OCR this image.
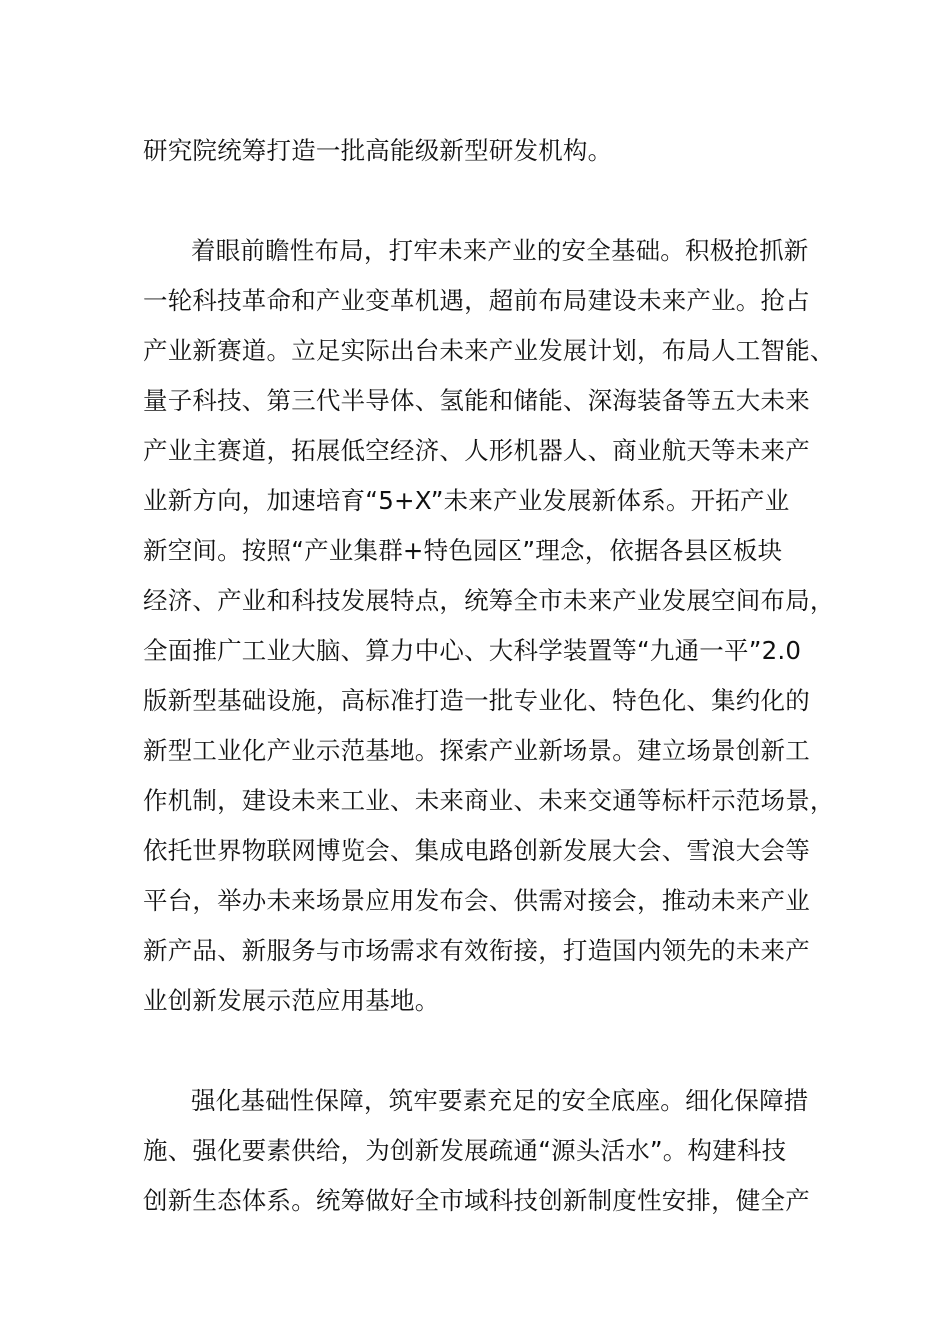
研究院统筹打造一批高能级新型研发机构。
着眼前瞻性布局，打牢未来产业的安全基础。积极抢抓新
一轮科技革命和产业变革机遇，超前布局建设未来产业。抢占
产业新赛道。立足实际出台未来产业发展计划，布局人工智能、
量子科技、第三代半导体、氢能和储能、深海装备等五大未来
产业主赛道，拓展低空经济、人形机器人、商业航天等未来产
业新方向，加速培育“5+X”未来产业发展新体系。开拓产业
新空间。按照“产业集群+特色园区”理念，依据各县区板块
经济、产业和科技发展特点，统筹全市未来产业发展空间布局，
全面推广工业大脑、算力中心、大科学装置等“九通一平”2.0
版新型基础设施，高标准打造一批专业化、特色化、集约化的
新型工业化产业示范基地。探索产业新场景。建立场景创新工
作机制，建设未来工业、未来商业、未来交通等标杆示范场景，
依托世界物联网博览会、集成电路创新发展大会、雪浪大会等
平台，举办未来场景应用发布会、供需对接会，推动未来产业
新产品、新服务与市场需求有效衔接，打造国内领先的未来产
业创新发展示范应用基地。
强化基础性保障，筑牢要素充足的安全底座。细化保障措
施、强化要素供给，为创新发展疏通“源头活水”。构建科技
创新生态体系。统筹做好全市域科技创新制度性安排，健全产
